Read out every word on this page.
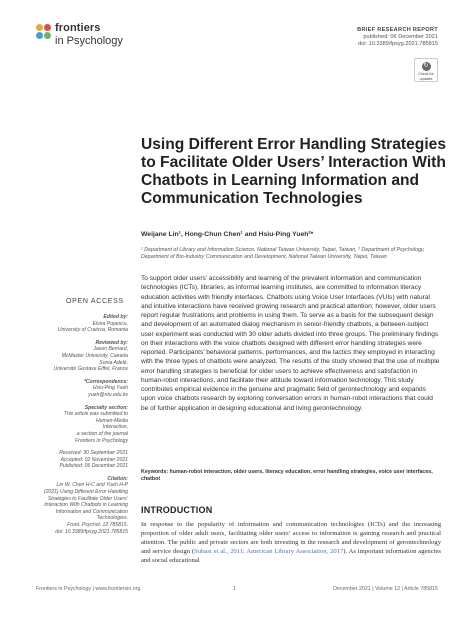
frontiers
in Psychology
BRIEF RESEARCH REPORT
published: 06 December 2021
doi: 10.3389/fpsyg.2021.785815
↻
Check for
updates
Using Different Error Handling Strategies to Facilitate Older Users’ Interaction With Chatbots in Learning Information and Communication Technologies
Weijane Lin¹, Hong-Chun Chen¹ and Hsiu-Ping Yueh²*
¹ Department of Library and Information Science, National Taiwan University, Taipei, Taiwan, ² Department of Psychology, Department of Bio-Industry Communication and Development, National Taiwan University, Taipei, Taiwan

To support older users’ accessibility and learning of the prevalent information and communication technologies (ICTs), libraries, as informal learning institutes, are committed to information literacy education activities with friendly interfaces. Chatbots using Voice User Interfaces (VUIs) with natural and intuitive interactions have received growing research and practical attention; however, older users report regular frustrations and problems in using them. To serve as a basis for the subsequent design and development of an automated dialog mechanism in senior-friendly chatbots, a between-subject user experiment was conducted with 30 older adults divided into three groups. The preliminary findings on their interactions with the voice chatbots designed with different error handling strategies were reported. Participants’ behavioral patterns, performances, and the tactics they employed in interacting with the three types of chatbots were analyzed. The results of the study showed that the use of multiple error handling strategies is beneficial for older users to achieve effectiveness and satisfaction in human-robot interactions, and facilitate their attitude toward information technology. This study contributes empirical evidence in the genuine and pragmatic field of gerontechnology and expands upon voice chatbots research by exploring conversation errors in human-robot interactions that could be of further application in designing educational and living gerontechnology.

Keywords: human-robot interaction, older users, literacy education, error handling strategies, voice user interfaces, chatbot
OPEN ACCESS
Edited by:
Elvira Popescu,
University of Craiova, Romania
Reviewed by:
Jason Bernard,
McMaster University, Canada
Sonia Adelé,
Université Gustave Eiffel, France
*Correspondence:
Hsiu-Ping Yueh
yueh@ntu.edu.tw
Specialty section:
This article was submitted to
Human-Media
Interaction,
a section of the journal
Frontiers in Psychology
Received: 30 September 2021
Accepted: 02 November 2021
Published: 06 December 2021
Citation:
Lin W, Chen H-C and Yueh H-P
(2021) Using Different Error Handling
Strategies to Facilitate Older Users’
Interaction With Chatbots in Learning
Information and Communication
Technologies.
Front. Psychol. 12:785815.
doi: 10.3389/fpsyg.2021.785815
INTRODUCTION

In response to the popularity of information and communication technologies (ICTs) and the increasing proportion of older adult users, facilitating older users’ access to information is gaining research and practical attention. The public and private sectors are both investing in the research and development of gerontechnology and service design (Subasi et al., 2011; American Library Association, 2017). As important information agencies and social educational

Frontiers in Psychology | www.frontiersin.org	1	December 2021 | Volume 12 | Article 785815
